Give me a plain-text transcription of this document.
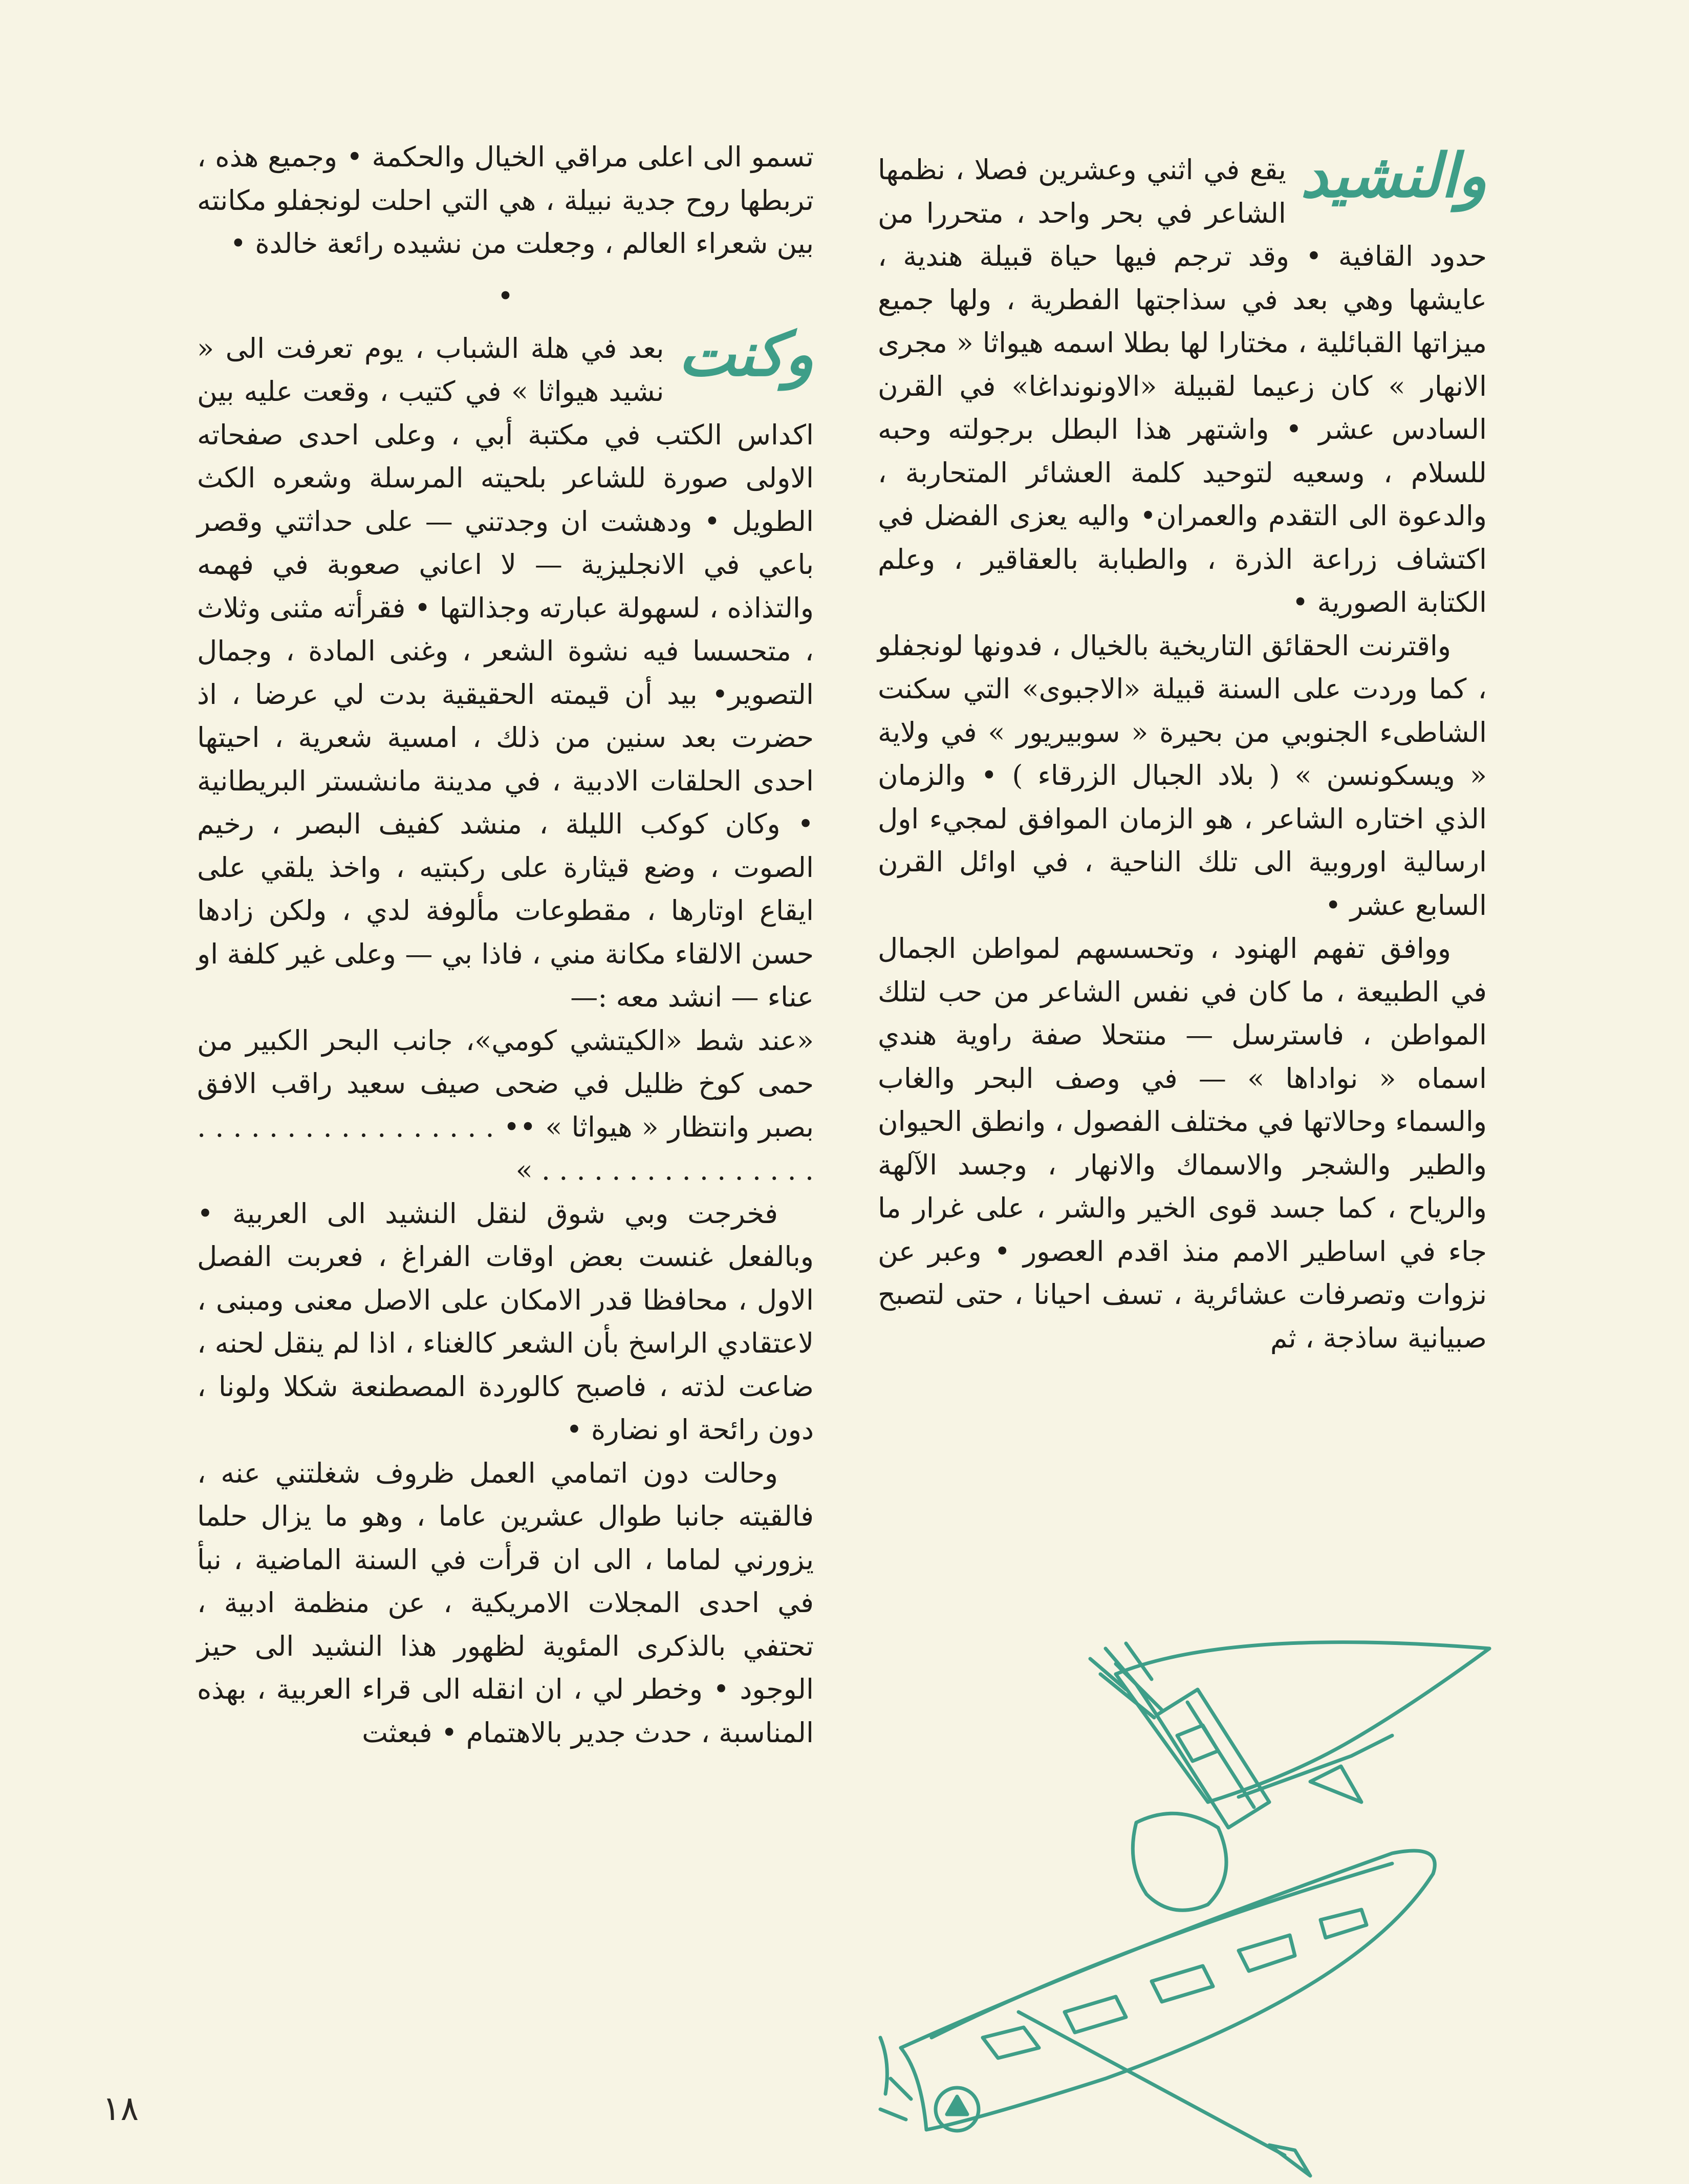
والنشيد
يقع في اثني وعشرين فصلا ، نظمها الشاعر في بحر واحد ، متحررا من حدود القافية • وقد ترجم فيها حياة قبيلة هندية ، عايشها وهي بعد في سذاجتها الفطرية ، ولها جميع ميزاتها القبائلية ، مختارا لها بطلا اسمه هيواثا « مجرى الانهار » كان زعيما لقبيلة «الاونونداغا» في القرن السادس عشر • واشتهر هذا البطل برجولته وحبه للسلام ، وسعيه لتوحيد كلمة العشائر المتحاربة ، والدعوة الى التقدم والعمران• واليه يعزى الفضل في اكتشاف زراعة الذرة ، والطبابة بالعقاقير ، وعلم الكتابة الصورية •

واقترنت الحقائق التاريخية بالخيال ، فدونها لونجفلو ، كما وردت على السنة قبيلة «الاجبوى» التي سكنت الشاطىء الجنوبي من بحيرة « سوبيريور » في ولاية « ويسكونسن » ( بلاد الجبال الزرقاء ) • والزمان الذي اختاره الشاعر ، هو الزمان الموافق لمجيء اول ارسالية اوروبية الى تلك الناحية ، في اوائل القرن السابع عشر •

ووافق تفهم الهنود ، وتحسسهم لمواطن الجمال في الطبيعة ، ما كان في نفس الشاعر من حب لتلك المواطن ، فاسترسل — منتحلا صفة راوية هندي اسماه « نواداها » — في وصف البحر والغاب والسماء وحالاتها في مختلف الفصول ، وانطق الحيوان والطير والشجر والاسماك والانهار ، وجسد الآلهة والرياح ، كما جسد قوى الخير والشر ، على غرار ما جاء في اساطير الامم منذ اقدم العصور • وعبر عن نزوات وتصرفات عشائرية ، تسف احيانا ، حتى لتصبح صبيانية ساذجة ، ثم

تسمو الى اعلى مراقي الخيال والحكمة • وجميع هذه ، تربطها روح جدية نبيلة ، هي التي احلت لونجفلو مكانته بين شعراء العالم ، وجعلت من نشيده رائعة خالدة •

•

وكنت
بعد في هلة الشباب ، يوم تعرفت الى « نشيد هيواثا » في كتيب ، وقعت عليه بين اكداس الكتب في مكتبة أبي ، وعلى احدى صفحاته الاولى صورة للشاعر بلحيته المرسلة وشعره الكث الطويل • ودهشت ان وجدتني — على حداثتي وقصر باعي في الانجليزية — لا اعاني صعوبة في فهمه والتذاذه ، لسهولة عبارته وجذالتها • فقرأته مثنى وثلاث ، متحسسا فيه نشوة الشعر ، وغنى المادة ، وجمال التصوير• بيد أن قيمته الحقيقية بدت لي عرضا ، اذ حضرت بعد سنين من ذلك ، امسية شعرية ، احيتها احدى الحلقات الادبية ، في مدينة مانشستر البريطانية • وكان كوكب الليلة ، منشد كفيف البصر ، رخيم الصوت ، وضع قيثارة على ركبتيه ، واخذ يلقي على ايقاع اوتارها ، مقطوعات مألوفة لدي ، ولكن زادها حسن الالقاء مكانة مني ، فاذا بي — وعلى غير كلفة او عناء — انشد معه :—

«عند شط «الكيتشي كومي»، جانب البحر الكبير من حمى كوخ ظليل في ضحى صيف سعيد راقب الافق بصبر وانتظار « هيواثا » •• . . . . . . . . . . . . . . . . . . . . . . . . . . . . . . . . . »

فخرجت وبي شوق لنقل النشيد الى العربية • وبالفعل غنست بعض اوقات الفراغ ، فعربت الفصل الاول ، محافظا قدر الامكان على الاصل معنى ومبنى ، لاعتقادي الراسخ بأن الشعر كالغناء ، اذا لم ينقل لحنه ، ضاعت لذته ، فاصبح كالوردة المصطنعة شكلا ولونا ، دون رائحة او نضارة •

وحالت دون اتمامي العمل ظروف شغلتني عنه ، فالقيته جانبا طوال عشرين عاما ، وهو ما يزال حلما يزورني لماما ، الى ان قرأت في السنة الماضية ، نبأ في احدى المجلات الامريكية ، عن منظمة ادبية ، تحتفي بالذكرى المئوية لظهور هذا النشيد الى حيز الوجود • وخطر لي ، ان انقله الى قراء العربية ، بهذه المناسبة ، حدث جدير بالاهتمام • فبعثت

١٨
